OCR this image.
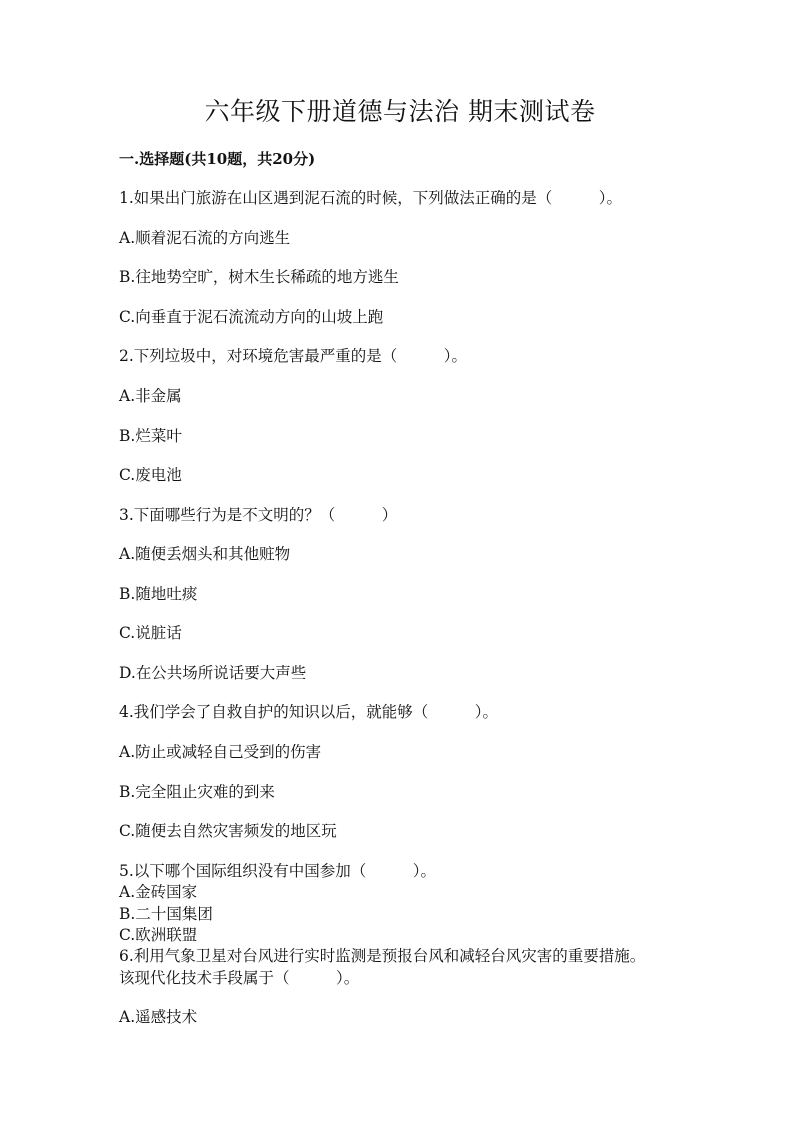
六年级下册道德与法治 期末测试卷
一.选择题(共10题，共20分)
1.如果出门旅游在山区遇到泥石流的时候，下列做法正确的是（　　　）。
A.顺着泥石流的方向逃生
B.往地势空旷，树木生长稀疏的地方逃生
C.向垂直于泥石流流动方向的山坡上跑
2.下列垃圾中，对环境危害最严重的是（　　　）。
A.非金属
B.烂菜叶
C.废电池
3.下面哪些行为是不文明的？（　　　）
A.随便丢烟头和其他赃物
B.随地吐痰
C.说脏话
D.在公共场所说话要大声些
4.我们学会了自救自护的知识以后，就能够（　　　）。
A.防止或减轻自己受到的伤害
B.完全阻止灾难的到来
C.随便去自然灾害频发的地区玩
5.以下哪个国际组织没有中国参加（　　　）。
A.金砖国家
B.二十国集团
C.欧洲联盟
6.利用气象卫星对台风进行实时监测是预报台风和减轻台风灾害的重要措施。
该现代化技术手段属于（　　　）。
A.遥感技术
